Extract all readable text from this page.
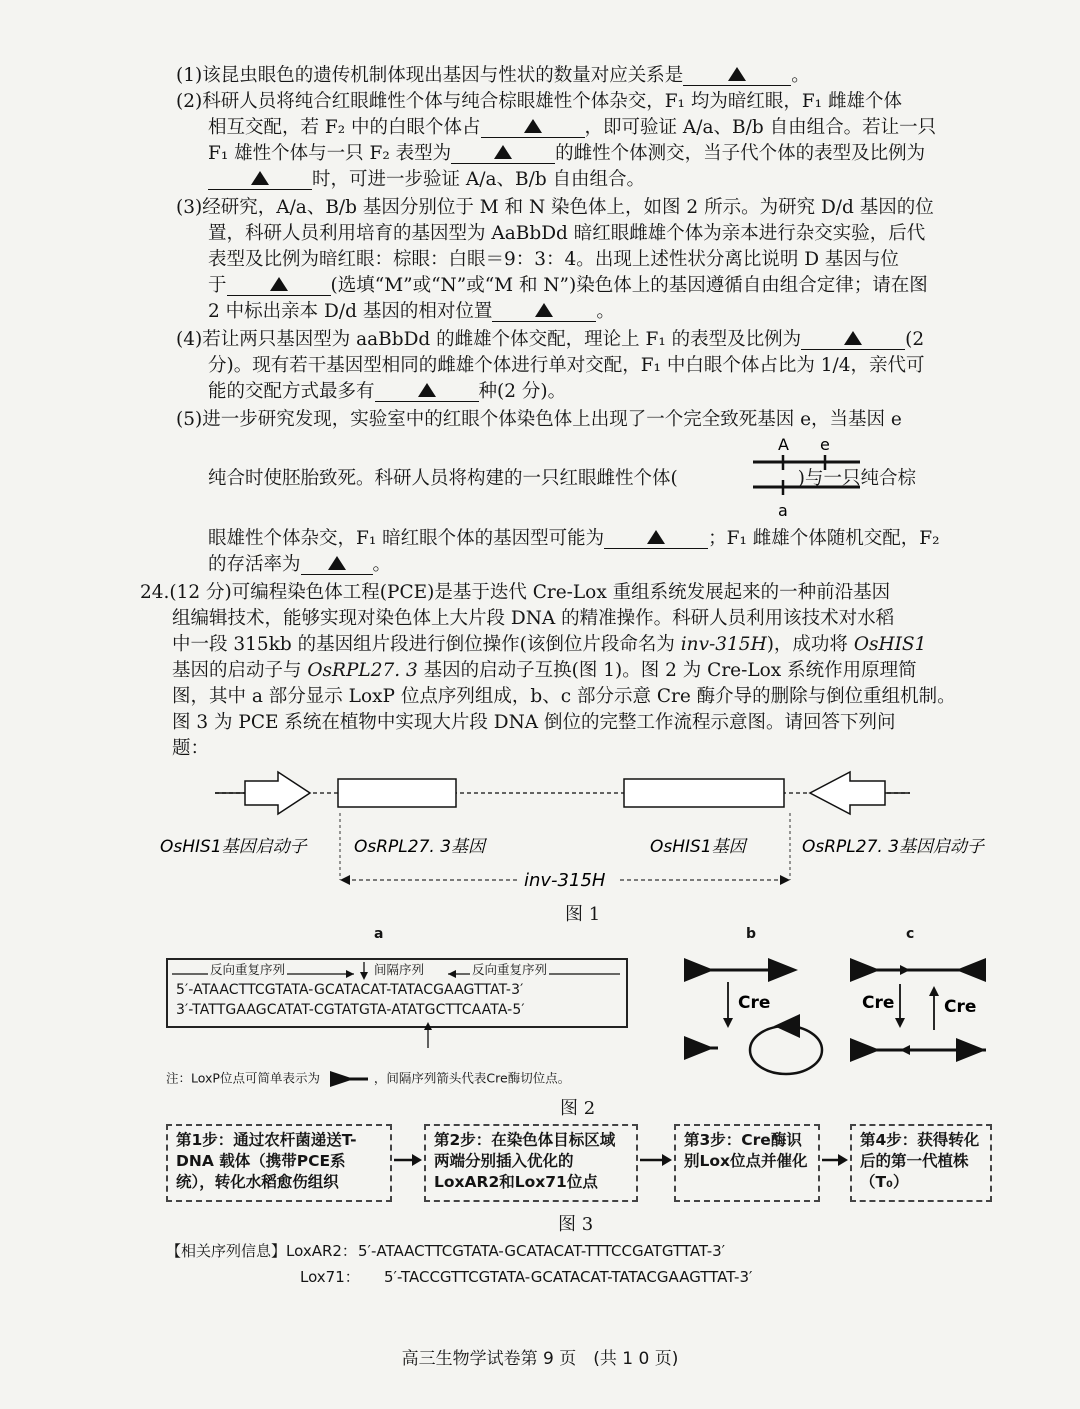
(1)该昆虫眼色的遗传机制体现出基因与性状的数量对应关系是	。
(2)科研人员将纯合红眼雌性个体与纯合棕眼雄性个体杂交，F₁ 均为暗红眼，F₁ 雌雄个体
相互交配，若 F₂ 中的白眼个体占	，即可验证 A/a、B/b 自由组合。若让一只
F₁ 雄性个体与一只 F₂ 表型为	的雌性个体测交，当子代个体的表型及比例为
时，可进一步验证 A/a、B/b 自由组合。
(3)经研究，A/a、B/b 基因分别位于 M 和 N 染色体上，如图 2 所示。为研究 D/d 基因的位
置，科研人员利用培育的基因型为 AaBbDd 暗红眼雌雄个体为亲本进行杂交实验，后代
表型及比例为暗红眼：棕眼：白眼＝9：3：4。出现上述性状分离比说明 D 基因与位
于	(选填“M”或“N”或“M 和 N”)染色体上的基因遵循自由组合定律；请在图
2 中标出亲本 D/d 基因的相对位置	。
(4)若让两只基因型为 aaBbDd 的雌雄个体交配，理论上 F₁ 的表型及比例为	(2
分)。现有若干基因型相同的雌雄个体进行单对交配，F₁ 中白眼个体占比为 1/4，亲代可
能的交配方式最多有	种(2 分)。
(5)进一步研究发现，实验室中的红眼个体染色体上出现了一个完全致死基因 e，当基因 e
纯合时使胚胎致死。科研人员将构建的一只红眼雌性个体(	)与一只纯合棕
A e
a
眼雄性个体杂交，F₁ 暗红眼个体的基因型可能为	；F₁ 雌雄个体随机交配，F₂
的存活率为	。
24.(12 分)可编程染色体工程(PCE)是基于迭代 Cre-Lox 重组系统发展起来的一种前沿基因
组编辑技术，能够实现对染色体上大片段 DNA 的精准操作。科研人员利用该技术对水稻
中一段 315kb 的基因组片段进行倒位操作(该倒位片段命名为 inv-315H)，成功将 OsHIS1
基因的启动子与 OsRPL27. 3 基因的启动子互换(图 1)。图 2 为 Cre-Lox 系统作用原理简
图，其中 a 部分显示 LoxP 位点序列组成，b、c 部分示意 Cre 酶介导的删除与倒位重组机制。
图 3 为 PCE 系统在植物中实现大片段 DNA 倒位的完整工作流程示意图。请回答下列问
题：
OsHIS1基因启动子	OsRPL27. 3基因	OsHIS1基因	OsRPL27. 3基因启动子
inv-315H
图 1
a	b	c
反向重复序列	间隔序列	反向重复序列
5′-ATAACTTCGTATA-GCATACAT-TATACGAAGTTAT-3′
3′-TATTGAAGCATAT-CGTATGTA-ATATGCTTCAATA-5′
注：LoxP位点可简单表示为	，间隔序列箭头代表Cre酶切位点。
Cre	Cre	Cre
图 2
第1步：通过农杆菌递送T-DNA 载体（携带PCE系统），转化水稻愈伤组织
第2步：在染色体目标区域两端分别插入优化的LoxAR2和Lox71位点
第3步：Cre酶识别Lox位点并催化
第4步：获得转化后的第一代植株（T₀）
图 3
【相关序列信息】LoxAR2：5′-ATAACTTCGTATA-GCATACAT-TTTCCGATGTTAT-3′
Lox71： 5′-TACCGTTCGTATA-GCATACAT-TATACGAAGTTAT-3′
高三生物学试卷第 9 页　(共 1 0 页)
